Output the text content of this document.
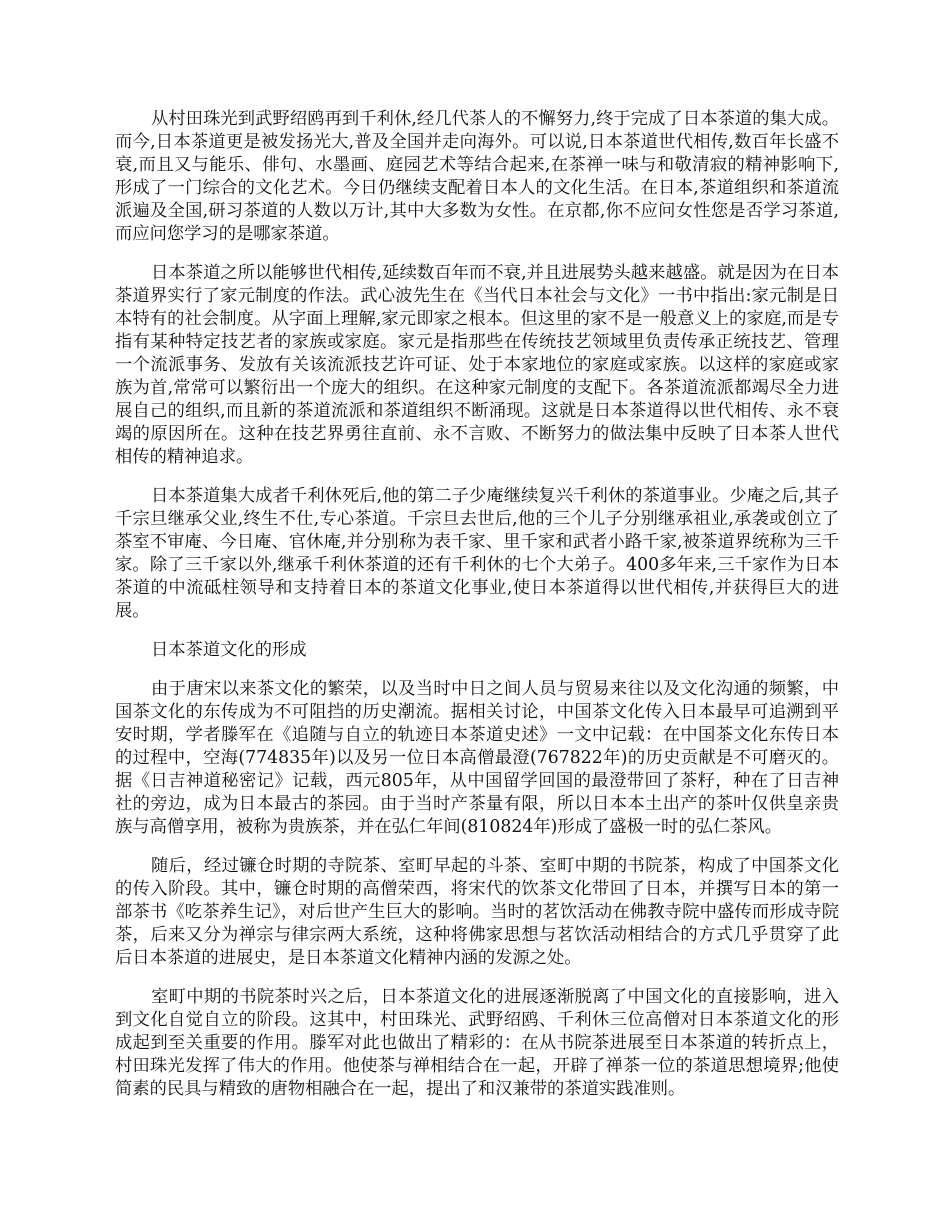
从村田珠光到武野绍鸥再到千利休,经几代茶人的不懈努力,终于完成了日本茶道的集大成。而今,日本茶道更是被发扬光大,普及全国并走向海外。可以说,日本茶道世代相传,数百年长盛不衰,而且又与能乐、俳句、水墨画、庭园艺术等结合起来,在茶禅一味与和敬清寂的精神影响下,形成了一门综合的文化艺术。今日仍继续支配着日本人的文化生活。在日本,茶道组织和茶道流派遍及全国,研习茶道的人数以万计,其中大多数为女性。在京都,你不应问女性您是否学习茶道,而应问您学习的是哪家茶道。

日本茶道之所以能够世代相传,延续数百年而不衰,并且进展势头越来越盛。就是因为在日本茶道界实行了家元制度的作法。武心波先生在《当代日本社会与文化》一书中指出:家元制是日本特有的社会制度。从字面上理解,家元即家之根本。但这里的家不是一般意义上的家庭,而是专指有某种特定技艺者的家族或家庭。家元是指那些在传统技艺领域里负责传承正统技艺、管理一个流派事务、发放有关该流派技艺许可证、处于本家地位的家庭或家族。以这样的家庭或家族为首,常常可以繁衍出一个庞大的组织。在这种家元制度的支配下。各茶道流派都竭尽全力进展自己的组织,而且新的茶道流派和茶道组织不断涌现。这就是日本茶道得以世代相传、永不衰竭的原因所在。这种在技艺界勇往直前、永不言败、不断努力的做法集中反映了日本茶人世代相传的精神追求。

日本茶道集大成者千利休死后,他的第二子少庵继续复兴千利休的茶道事业。少庵之后,其子千宗旦继承父业,终生不仕,专心茶道。千宗旦去世后,他的三个儿子分别继承祖业,承袭或创立了茶室不审庵、今日庵、官休庵,并分别称为表千家、里千家和武者小路千家,被茶道界统称为三千家。除了三千家以外,继承千利休茶道的还有千利休的七个大弟子。400多年来,三千家作为日本茶道的中流砥柱领导和支持着日本的茶道文化事业,使日本茶道得以世代相传,并获得巨大的进展。

日本茶道文化的形成

由于唐宋以来茶文化的繁荣，以及当时中日之间人员与贸易来往以及文化沟通的频繁，中国茶文化的东传成为不可阻挡的历史潮流。据相关讨论，中国茶文化传入日本最早可追溯到平安时期，学者滕军在《追随与自立的轨迹日本茶道史述》一文中记载：在中国茶文化东传日本的过程中，空海(774835年)以及另一位日本高僧最澄(767822年)的历史贡献是不可磨灭的。据《日吉神道秘密记》记载，西元805年，从中国留学回国的最澄带回了茶籽，种在了日吉神社的旁边，成为日本最古的茶园。由于当时产茶量有限，所以日本本土出产的茶叶仅供皇亲贵族与高僧享用，被称为贵族茶，并在弘仁年间(810824年)形成了盛极一时的弘仁茶风。

随后，经过镰仓时期的寺院茶、室町早起的斗茶、室町中期的书院茶，构成了中国茶文化的传入阶段。其中，镰仓时期的高僧荣西，将宋代的饮茶文化带回了日本，并撰写日本的第一部茶书《吃茶养生记》，对后世产生巨大的影响。当时的茗饮活动在佛教寺院中盛传而形成寺院茶，后来又分为禅宗与律宗两大系统，这种将佛家思想与茗饮活动相结合的方式几乎贯穿了此后日本茶道的进展史，是日本茶道文化精神内涵的发源之处。

室町中期的书院茶时兴之后，日本茶道文化的进展逐渐脱离了中国文化的直接影响，进入到文化自觉自立的阶段。这其中，村田珠光、武野绍鸥、千利休三位高僧对日本茶道文化的形成起到至关重要的作用。滕军对此也做出了精彩的：在从书院茶进展至日本茶道的转折点上，村田珠光发挥了伟大的作用。他使茶与禅相结合在一起，开辟了禅茶一位的茶道思想境界;他使简素的民具与精致的唐物相融合在一起，提出了和汉兼带的茶道实践准则。
